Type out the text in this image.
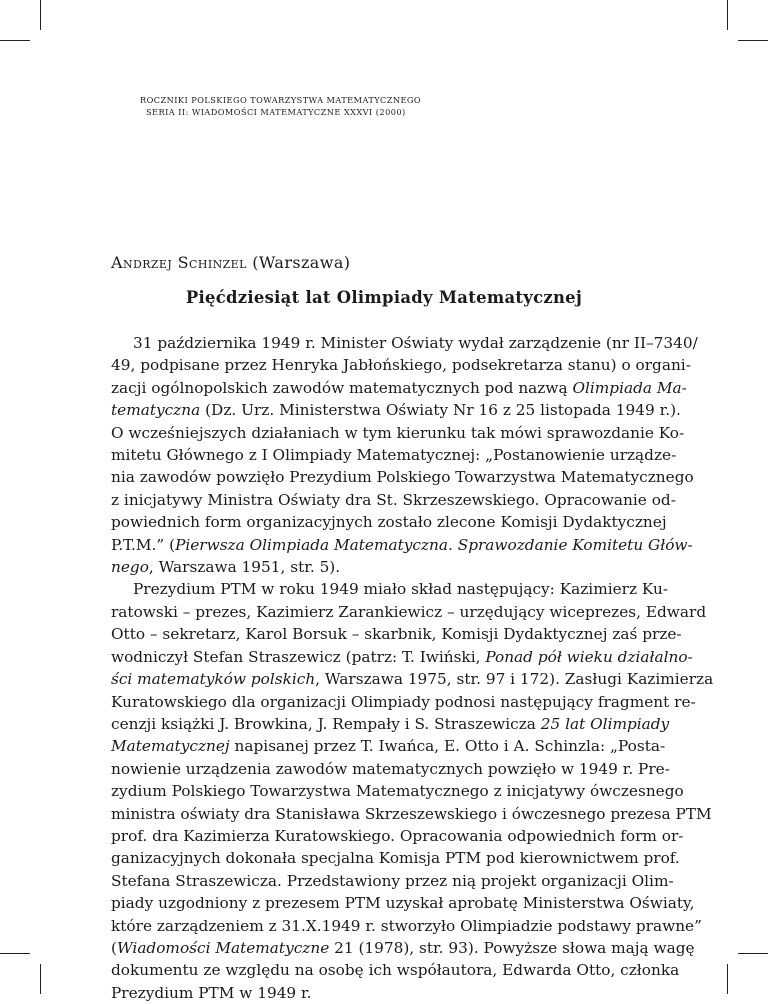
ROCZNIKI POLSKIEGO TOWARZYSTWA MATEMATYCZNEGO
SERIA II: WIADOMOŚCI MATEMATYCZNE XXXVI (2000)
Andrzej Schinzel (Warszawa)
Pięćdziesiąt lat Olimpiady Matematycznej
31 października 1949 r. Minister Oświaty wydał zarządzenie (nr II–7340/
49, podpisane przez Henryka Jabłońskiego, podsekretarza stanu) o organi-
zacji ogólnopolskich zawodów matematycznych pod nazwą Olimpiada Ma-
tematyczna (Dz. Urz. Ministerstwa Oświaty Nr 16 z 25 listopada 1949 r.).
O wcześniejszych działaniach w tym kierunku tak mówi sprawozdanie Ko-
mitetu Głównego z I Olimpiady Matematycznej: „Postanowienie urządze-
nia zawodów powzięło Prezydium Polskiego Towarzystwa Matematycznego
z inicjatywy Ministra Oświaty dra St. Skrzeszewskiego. Opracowanie od-
powiednich form organizacyjnych zostało zlecone Komisji Dydaktycznej
P.T.M.” (Pierwsza Olimpiada Matematyczna. Sprawozdanie Komitetu Głów-
nego, Warszawa 1951, str. 5).
Prezydium PTM w roku 1949 miało skład następujący: Kazimierz Ku-
ratowski – prezes, Kazimierz Zarankiewicz – urzędujący wiceprezes, Edward
Otto – sekretarz, Karol Borsuk – skarbnik, Komisji Dydaktycznej zaś prze-
wodniczył Stefan Straszewicz (patrz: T. Iwiński, Ponad pół wieku działalno-
ści matematyków polskich, Warszawa 1975, str. 97 i 172). Zasługi Kazimierza
Kuratowskiego dla organizacji Olimpiady podnosi następujący fragment re-
cenzji książki J. Browkina, J. Rempały i S. Straszewicza 25 lat Olimpiady
Matematycznej napisanej przez T. Iwańca, E. Otto i A. Schinzla: „Posta-
nowienie urządzenia zawodów matematycznych powzięło w 1949 r. Pre-
zydium Polskiego Towarzystwa Matematycznego z inicjatywy ówczesnego
ministra oświaty dra Stanisława Skrzeszewskiego i ówczesnego prezesa PTM
prof. dra Kazimierza Kuratowskiego. Opracowania odpowiednich form or-
ganizacyjnych dokonała specjalna Komisja PTM pod kierownictwem prof.
Stefana Straszewicza. Przedstawiony przez nią projekt organizacji Olim-
piady uzgodniony z prezesem PTM uzyskał aprobatę Ministerstwa Oświaty,
które zarządzeniem z 31.X.1949 r. stworzyło Olimpiadzie podstawy prawne”
(Wiadomości Matematyczne 21 (1978), str. 93). Powyższe słowa mają wagę
dokumentu ze względu na osobę ich współautora, Edwarda Otto, członka
Prezydium PTM w 1949 r.
